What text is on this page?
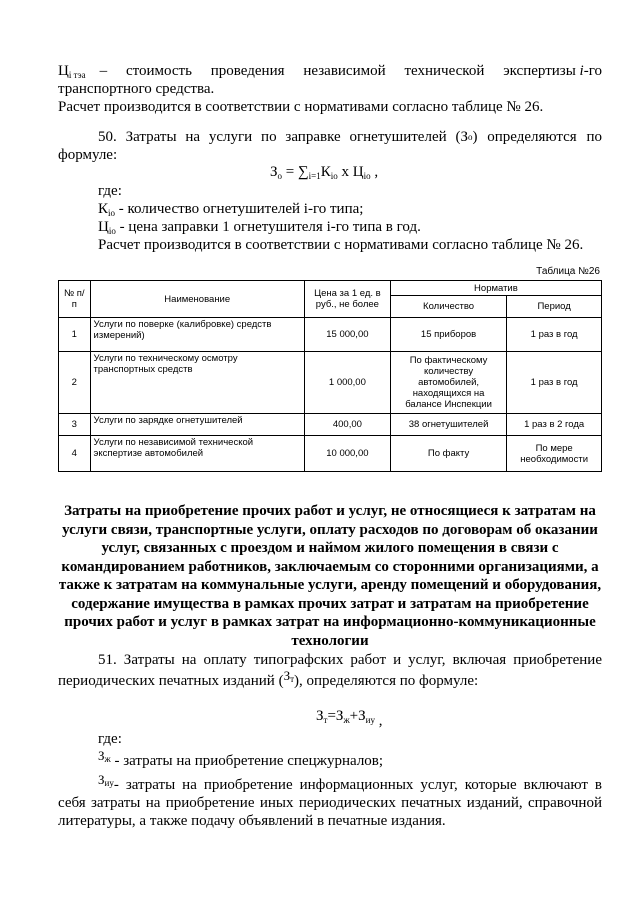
$Ц_{i тэа}$ – стоимость проведения независимой технической экспертизы i-го
транспортного средства.
Расчет производится в соответствии с нормативами согласно таблице № 26.
50. Затраты на услуги по заправке огнетушителей (З о ) определяются по
формуле:
$З_о = \sum_{i=1}К_{io}$ х $Ц_{io}$ ,
где:
$К_{io}$ - количество огнетушителей i-го типа;
$Ц_{io}$ - цена заправки 1 огнетушителя i-го типа в год.
Расчет производится в соответствии с нормативами согласно таблице № 26.
Таблица №26
№ п/п	Наименование	Цена за 1 ед. в руб., не более	Норматив	
			Количество	Период
1	Услуги по поверке (калибровке) средств измерений)	15 000,00	15 приборов	1 раз в год
2	Услуги по техническому осмотру транспортных средств	1 000,00	По фактическому количеству автомобилей, находящихся на балансе Инспекции	1 раз в год
3	Услуги по зарядке огнетушителей	400,00	38 огнетушителей	1 раз в 2 года
4	Услуги по независимой технической экспертизе автомобилей	10 000,00	По факту	По мере необходимости
Затраты на приобретение прочих работ и услуг, не относящиеся к затратам на
услуги связи, транспортные услуги, оплату расходов по договорам об оказании
услуг, связанных с проездом и наймом жилого помещения в связи с
командированием работников, заключаемым со сторонними организациями, а
также к затратам на коммунальные услуги, аренду помещений и оборудования,
содержание имущества в рамках прочих затрат и затратам на приобретение
прочих работ и услуг в рамках затрат на информационно-коммуникационные
технологии
51. Затраты на оплату типографских работ и услуг, включая приобретение
периодических печатных изданий (Зт), определяются по формуле:
$З_т=З_ж+З_{иу}$ ,
где:
Зж - затраты на приобретение спецжурналов;
Зиу - затраты на приобретение информационных услуг, которые включают в
себя затраты на приобретение иных периодических печатных изданий, справочной
литературы, а также подачу объявлений в печатные издания.
